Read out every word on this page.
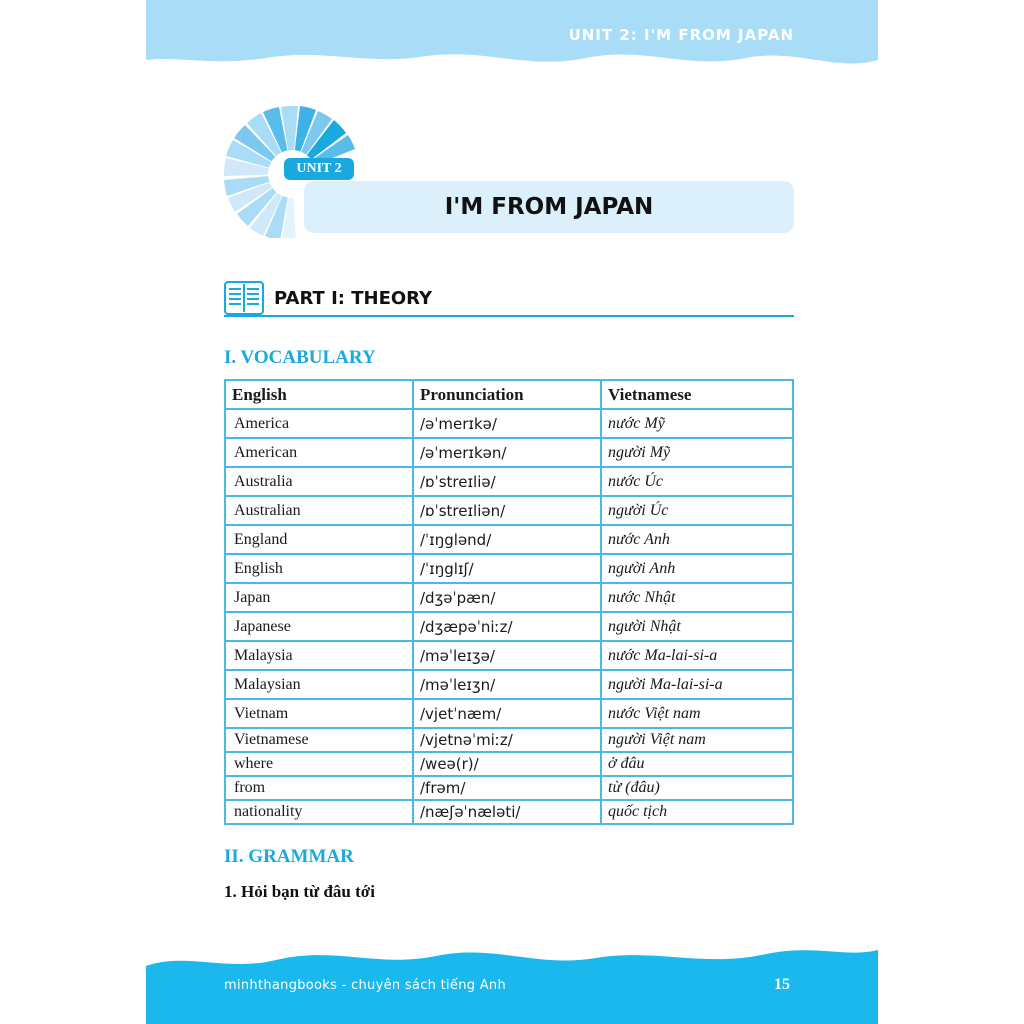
UNIT 2: I'M FROM JAPAN
I'M FROM JAPAN
UNIT 2
PART I: THEORY
I. VOCABULARY
English	Pronunciation	Vietnamese
America	/əˈmerɪkə/	nước Mỹ
American	/əˈmerɪkən/	người Mỹ
Australia	/ɒˈstreɪliə/	nước Úc
Australian	/ɒˈstreɪliən/	người Úc
England	/ˈɪŋglənd/	nước Anh
English	/ˈɪŋglɪʃ/	người Anh
Japan	/dʒəˈpæn/	nước Nhật
Japanese	/dʒæpəˈniːz/	người Nhật
Malaysia	/məˈleɪʒə/	nước Ma-lai-si-a
Malaysian	/məˈleɪʒn/	người Ma-lai-si-a
Vietnam	/vjetˈnæm/	nước Việt nam
Vietnamese	/vjetnəˈmiːz/	người Việt nam
where	/weə(r)/	ở đâu
from	/frəm/	từ (đâu)
nationality	/næʃəˈnæləti/	quốc tịch
II. GRAMMAR
1. Hỏi bạn từ đâu tới
minhthangbooks - chuyên sách tiếng Anh	15
